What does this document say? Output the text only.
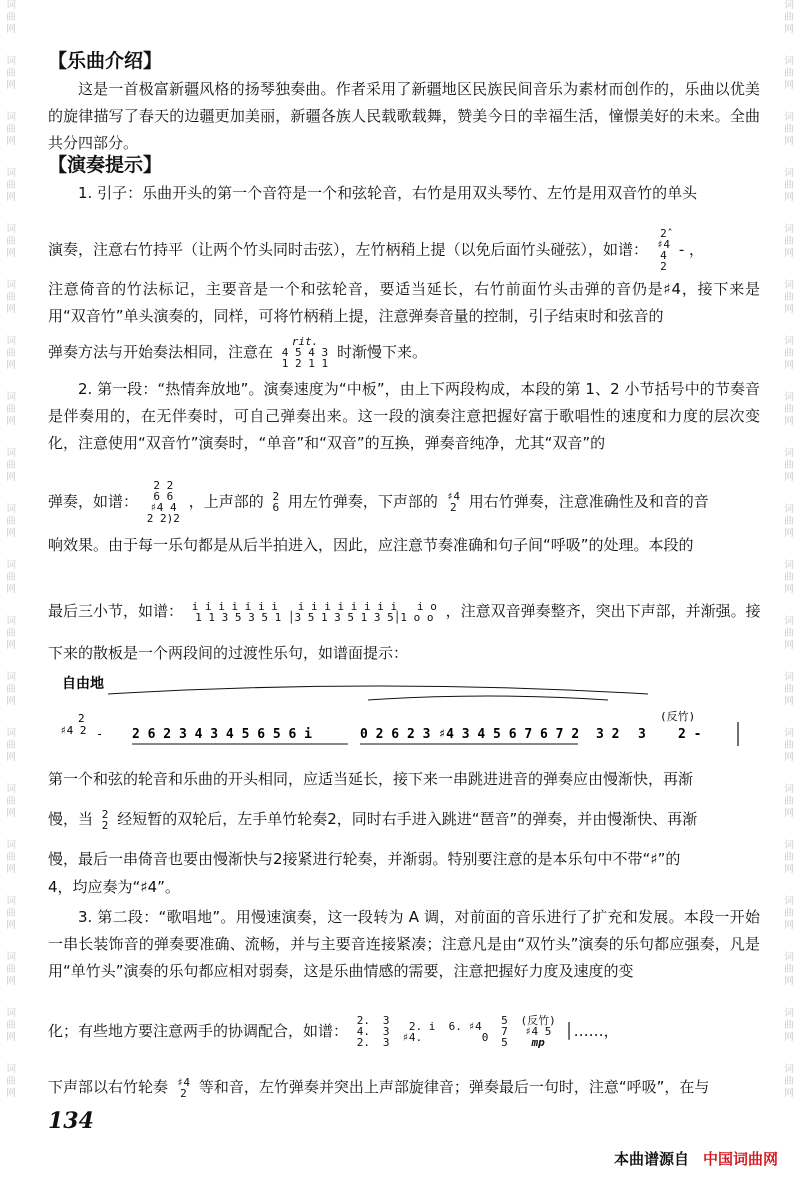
词曲网
词曲网
词曲网
词曲网
词曲网
词曲网
词曲网
词曲网
词曲网
词曲网
词曲网
词曲网
词曲网
词曲网
词曲网
词曲网
词曲网
词曲网
词曲网
词曲网
词曲网
词曲网
词曲网
词曲网
词曲网
词曲网
词曲网
词曲网
词曲网
词曲网
词曲网
词曲网
词曲网
词曲网
词曲网
词曲网
词曲网
词曲网
词曲网
词曲网
【乐曲介绍】
这是一首极富新疆风格的扬琴独奏曲。作者采用了新疆地区民族民间音乐为素材而创作的，乐曲以优美的旋律描写了春天的边疆更加美丽，新疆各族人民载歌载舞，赞美今日的幸福生活，憧憬美好的未来。全曲共分四部分。
【演奏提示】
1. 引子：乐曲开头的第一个音符是一个和弦轮音，右竹是用双头琴竹、左竹是用双音竹的单头
演奏，注意右竹持平（让两个竹头同时击弦），左竹柄稍上提（以免后面竹头碰弦），如谱：
2̂
♯4
4
2
- ，
注意倚音的竹法标记，主要音是一个和弦轮音，要适当延长，右竹前面竹头击弹的音仍是♯4，接下来是用“双音竹”单头演奏的，同样，可将竹柄稍上提，注意弹奏音量的控制，引子结束时和弦音的
弹奏方法与开始奏法相同，注意在
rit.
4 5 4 3
1 2 1 1
时渐慢下来。
2. 第一段：“热情奔放地”。演奏速度为“中板”，由上下两段构成，本段的第 1、2 小节括号中的节奏音是伴奏用的，在无伴奏时，可自己弹奏出来。这一段的演奏注意把握好富于歌唱性的速度和力度的层次变化，注意使用“双音竹”演奏时，“单音”和“双音”的互换，弹奏音纯净，尤其“双音”的
弹奏，如谱：
2 2
6 6
♯4 4
2 2)2
，上声部的 2
6 用左竹弹奏，下声部的 ♯4
2 用右竹弹奏，注意准确性及和音的音
响效果。由于每一乐句都是从后半拍进入，因此，应注意节奏准确和句子间“呼吸”的处理。本段的
最后三小节，如谱： i i i i i i i   i i i i i i i i   i o
1 1 3 5 3 5 1 │3 5 1 3 5 1 3 5│1 o o ，注意双音弹奏整齐，突出下声部，并渐强。接
下来的散板是一个两段间的过渡性乐句，如谱面提示：
自由地
♯4 2
2
- 2 6 2 3 4 3 4 5 6 5 6 i	0 2 6 2 3 ♯4 3 4 5 6 7 6 7 2 3 2 3
(反竹)
2 -
第一个和弦的轮音和乐曲的开头相同，应适当延长，接下来一串跳进进音的弹奏应由慢渐快，再渐
慢，当 2
2 经短暂的双轮后，左手单竹轮奏2，同时右手进入跳进“琶音”的弹奏，并由慢渐快、再渐
慢，最后一串倚音也要由慢渐快与2接紧进行轮奏，并渐弱。特别要注意的是本乐句中不带“♯”的
4，均应奏为“♯4”。
3. 第二段：“歌唱地”。用慢速演奏，这一段转为 A 调，对前面的音乐进行了扩充和发展。本段一开始一串长装饰音的弹奏要准确、流畅，并与主要音连接紧凑；注意凡是由“双竹头”演奏的乐句都应强奏，凡是用“单竹头”演奏的乐句都应相对弱奏，这是乐曲情感的需要，注意把握好力度及速度的变
化；有些地方要注意两手的协调配合，如谱：
2.
4.
2.

3
3
3

2. i  6. ♯4
♯4.         0

5
7
5

(反竹)
♯4 5
mp
│……，
下声部以右竹轮奏 ♯4
2 等和音，左竹弹奏并突出上声部旋律音；弹奏最后一句时，注意“呼吸”，在与
134
本曲谱源自 中国词曲网
